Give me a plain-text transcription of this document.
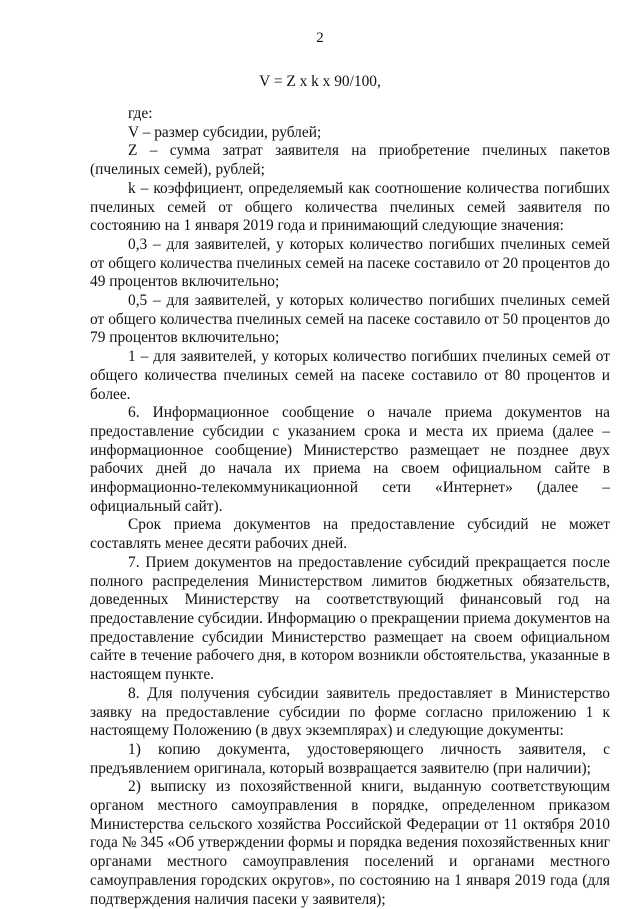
2
V = Z x k x 90/100,

где:

V – размер субсидии, рублей;

Z – сумма затрат заявителя на приобретение пчелиных пакетов (пчелиных семей), рублей;

k – коэффициент, определяемый как соотношение количества погибших пчелиных семей от общего количества пчелиных семей заявителя по состоянию на 1 января 2019 года и принимающий следующие значения:

0,3 – для заявителей, у которых количество погибших пчелиных семей от общего количества пчелиных семей на пасеке составило от 20 процентов до 49 процентов включительно;

0,5 – для заявителей, у которых количество погибших пчелиных семей от общего количества пчелиных семей на пасеке составило от 50 процентов до 79 процентов включительно;

1 – для заявителей, у которых количество погибших пчелиных семей от общего количества пчелиных семей на пасеке составило от 80 процентов и более.

6. Информационное сообщение о начале приема документов на предоставление субсидии с указанием срока и места их приема (далее – информационное сообщение) Министерство размещает не позднее двух рабочих дней до начала их приема на своем официальном сайте в информационно-телекоммуникационной сети «Интернет» (далее – официальный сайт).

Срок приема документов на предоставление субсидий не может составлять менее десяти рабочих дней.

7. Прием документов на предоставление субсидий прекращается после полного распределения Министерством лимитов бюджетных обязательств, доведенных Министерству на соответствующий финансовый год на предоставление субсидии. Информацию о прекращении приема документов на предоставление субсидии Министерство размещает на своем официальном сайте в течение рабочего дня, в котором возникли обстоятельства, указанные в настоящем пункте.

8. Для получения субсидии заявитель предоставляет в Министерство заявку на предоставление субсидии по форме согласно приложению 1 к настоящему Положению (в двух экземплярах) и следующие документы:

1) копию документа, удостоверяющего личность заявителя, с предъявлением оригинала, который возвращается заявителю (при наличии);

2) выписку из похозяйственной книги, выданную соответствующим органом местного самоуправления в порядке, определенном приказом Министерства сельского хозяйства Российской Федерации от 11 октября 2010 года № 345 «Об утверждении формы и порядка ведения похозяйственных книг органами местного самоуправления поселений и органами местного самоуправления городских округов», по состоянию на 1 января 2019 года (для подтверждения наличия пасеки у заявителя);
